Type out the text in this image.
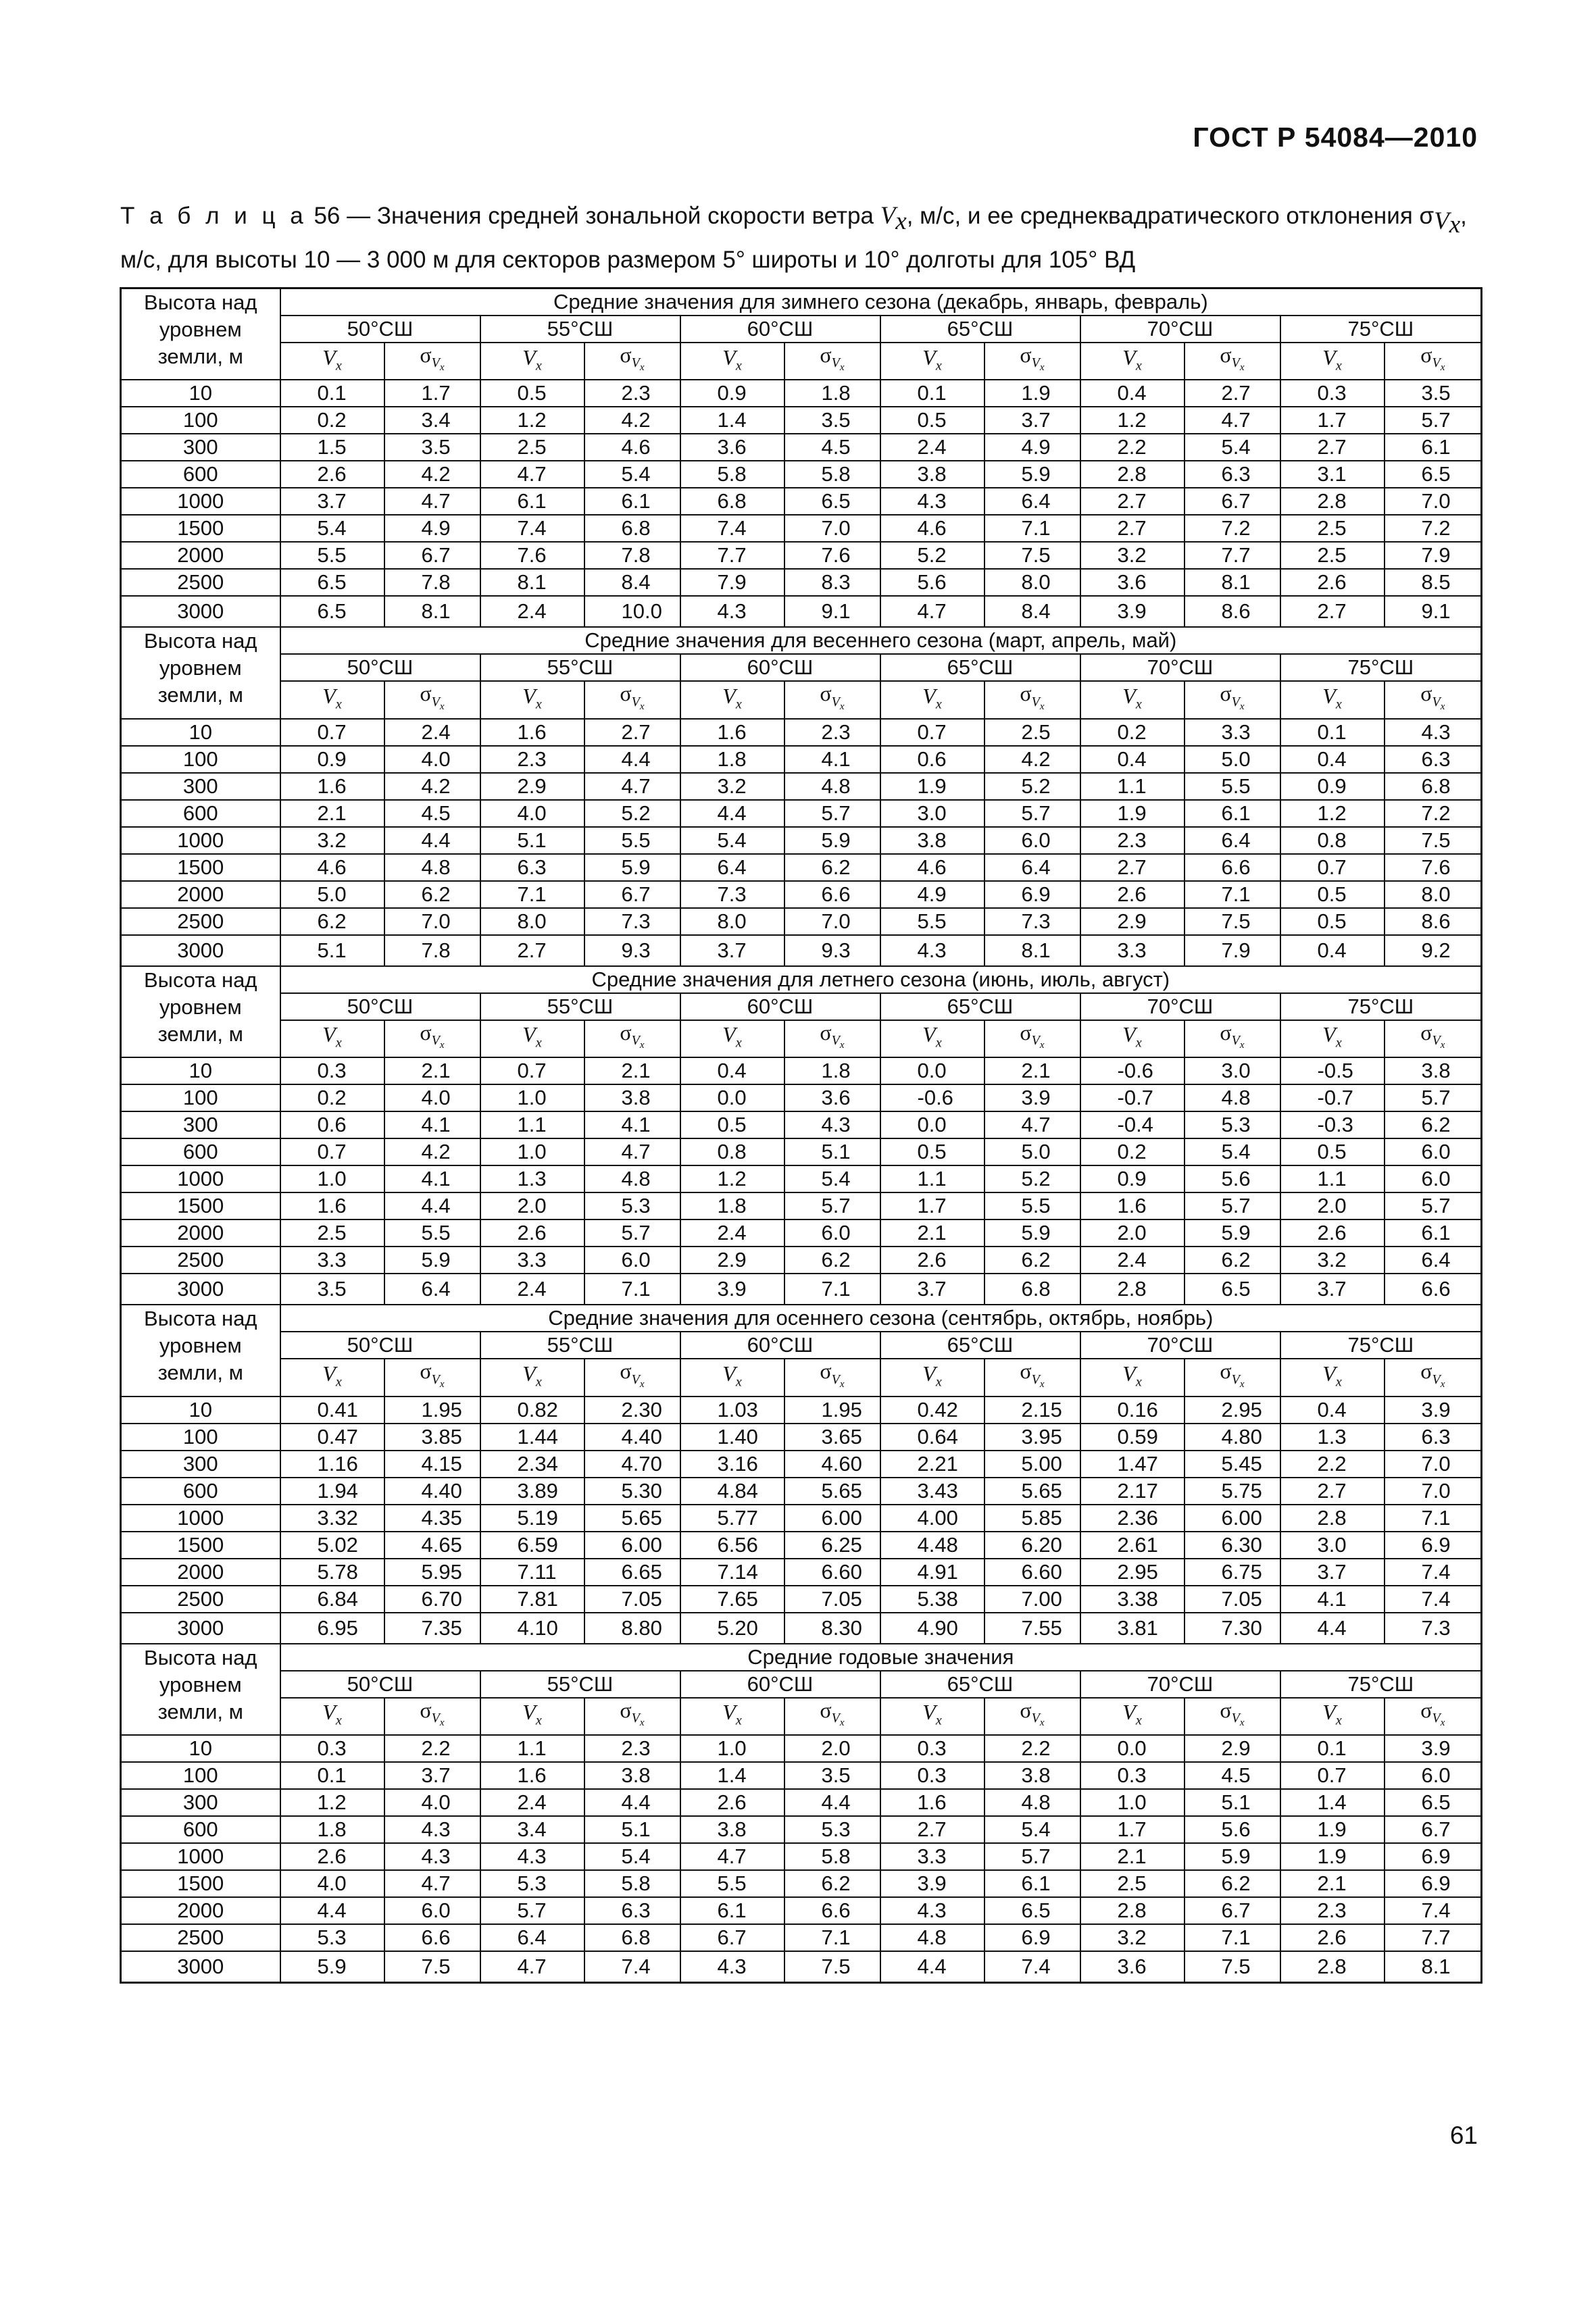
ГОСТ Р 54084—2010
Т а б л и ц а 56 — Значения средней зональной скорости ветра $V_x$, м/с, и ее среднеквадратического отклонения $\sigma_{V_x}$,
м/с, для высоты 10 — 3 000 м для секторов размером 5° широты и 10° долготы для 105° ВД
Высота над уровнем земли, м	Средние значения для зимнего сезона (декабрь, январь, февраль)											
	50°СШ		55°СШ		60°СШ		65°СШ		70°СШ		75°СШ	
	$V_x$	$\sigma_{V_x}$	$V_x$	$\sigma_{V_x}$	$V_x$	$\sigma_{V_x}$	$V_x$	$\sigma_{V_x}$	$V_x$	$\sigma_{V_x}$	$V_x$	$\sigma_{V_x}$
10	0.1	1.7	0.5	2.3	0.9	1.8	0.1	1.9	0.4	2.7	0.3	3.5
100	0.2	3.4	1.2	4.2	1.4	3.5	0.5	3.7	1.2	4.7	1.7	5.7
300	1.5	3.5	2.5	4.6	3.6	4.5	2.4	4.9	2.2	5.4	2.7	6.1
600	2.6	4.2	4.7	5.4	5.8	5.8	3.8	5.9	2.8	6.3	3.1	6.5
1000	3.7	4.7	6.1	6.1	6.8	6.5	4.3	6.4	2.7	6.7	2.8	7.0
1500	5.4	4.9	7.4	6.8	7.4	7.0	4.6	7.1	2.7	7.2	2.5	7.2
2000	5.5	6.7	7.6	7.8	7.7	7.6	5.2	7.5	3.2	7.7	2.5	7.9
2500	6.5	7.8	8.1	8.4	7.9	8.3	5.6	8.0	3.6	8.1	2.6	8.5
3000	6.5	8.1	2.4	10.0	4.3	9.1	4.7	8.4	3.9	8.6	2.7	9.1
Высота над уровнем земли, м	Средние значения для весеннего сезона (март, апрель, май)											
	50°СШ		55°СШ		60°СШ		65°СШ		70°СШ		75°СШ	
	$V_x$	$\sigma_{V_x}$	$V_x$	$\sigma_{V_x}$	$V_x$	$\sigma_{V_x}$	$V_x$	$\sigma_{V_x}$	$V_x$	$\sigma_{V_x}$	$V_x$	$\sigma_{V_x}$
10	0.7	2.4	1.6	2.7	1.6	2.3	0.7	2.5	0.2	3.3	0.1	4.3
100	0.9	4.0	2.3	4.4	1.8	4.1	0.6	4.2	0.4	5.0	0.4	6.3
300	1.6	4.2	2.9	4.7	3.2	4.8	1.9	5.2	1.1	5.5	0.9	6.8
600	2.1	4.5	4.0	5.2	4.4	5.7	3.0	5.7	1.9	6.1	1.2	7.2
1000	3.2	4.4	5.1	5.5	5.4	5.9	3.8	6.0	2.3	6.4	0.8	7.5
1500	4.6	4.8	6.3	5.9	6.4	6.2	4.6	6.4	2.7	6.6	0.7	7.6
2000	5.0	6.2	7.1	6.7	7.3	6.6	4.9	6.9	2.6	7.1	0.5	8.0
2500	6.2	7.0	8.0	7.3	8.0	7.0	5.5	7.3	2.9	7.5	0.5	8.6
3000	5.1	7.8	2.7	9.3	3.7	9.3	4.3	8.1	3.3	7.9	0.4	9.2
Высота над уровнем земли, м	Средние значения для летнего сезона (июнь, июль, август)											
	50°СШ		55°СШ		60°СШ		65°СШ		70°СШ		75°СШ	
	$V_x$	$\sigma_{V_x}$	$V_x$	$\sigma_{V_x}$	$V_x$	$\sigma_{V_x}$	$V_x$	$\sigma_{V_x}$	$V_x$	$\sigma_{V_x}$	$V_x$	$\sigma_{V_x}$
10	0.3	2.1	0.7	2.1	0.4	1.8	0.0	2.1	-0.6	3.0	-0.5	3.8
100	0.2	4.0	1.0	3.8	0.0	3.6	-0.6	3.9	-0.7	4.8	-0.7	5.7
300	0.6	4.1	1.1	4.1	0.5	4.3	0.0	4.7	-0.4	5.3	-0.3	6.2
600	0.7	4.2	1.0	4.7	0.8	5.1	0.5	5.0	0.2	5.4	0.5	6.0
1000	1.0	4.1	1.3	4.8	1.2	5.4	1.1	5.2	0.9	5.6	1.1	6.0
1500	1.6	4.4	2.0	5.3	1.8	5.7	1.7	5.5	1.6	5.7	2.0	5.7
2000	2.5	5.5	2.6	5.7	2.4	6.0	2.1	5.9	2.0	5.9	2.6	6.1
2500	3.3	5.9	3.3	6.0	2.9	6.2	2.6	6.2	2.4	6.2	3.2	6.4
3000	3.5	6.4	2.4	7.1	3.9	7.1	3.7	6.8	2.8	6.5	3.7	6.6
Высота над уровнем земли, м	Средние значения для осеннего сезона (сентябрь, октябрь, ноябрь)											
	50°СШ		55°СШ		60°СШ		65°СШ		70°СШ		75°СШ	
	$V_x$	$\sigma_{V_x}$	$V_x$	$\sigma_{V_x}$	$V_x$	$\sigma_{V_x}$	$V_x$	$\sigma_{V_x}$	$V_x$	$\sigma_{V_x}$	$V_x$	$\sigma_{V_x}$
10	0.41	1.95	0.82	2.30	1.03	1.95	0.42	2.15	0.16	2.95	0.4	3.9
100	0.47	3.85	1.44	4.40	1.40	3.65	0.64	3.95	0.59	4.80	1.3	6.3
300	1.16	4.15	2.34	4.70	3.16	4.60	2.21	5.00	1.47	5.45	2.2	7.0
600	1.94	4.40	3.89	5.30	4.84	5.65	3.43	5.65	2.17	5.75	2.7	7.0
1000	3.32	4.35	5.19	5.65	5.77	6.00	4.00	5.85	2.36	6.00	2.8	7.1
1500	5.02	4.65	6.59	6.00	6.56	6.25	4.48	6.20	2.61	6.30	3.0	6.9
2000	5.78	5.95	7.11	6.65	7.14	6.60	4.91	6.60	2.95	6.75	3.7	7.4
2500	6.84	6.70	7.81	7.05	7.65	7.05	5.38	7.00	3.38	7.05	4.1	7.4
3000	6.95	7.35	4.10	8.80	5.20	8.30	4.90	7.55	3.81	7.30	4.4	7.3
Высота над уровнем земли, м	Средние годовые значения											
	50°СШ		55°СШ		60°СШ		65°СШ		70°СШ		75°СШ	
	$V_x$	$\sigma_{V_x}$	$V_x$	$\sigma_{V_x}$	$V_x$	$\sigma_{V_x}$	$V_x$	$\sigma_{V_x}$	$V_x$	$\sigma_{V_x}$	$V_x$	$\sigma_{V_x}$
10	0.3	2.2	1.1	2.3	1.0	2.0	0.3	2.2	0.0	2.9	0.1	3.9
100	0.1	3.7	1.6	3.8	1.4	3.5	0.3	3.8	0.3	4.5	0.7	6.0
300	1.2	4.0	2.4	4.4	2.6	4.4	1.6	4.8	1.0	5.1	1.4	6.5
600	1.8	4.3	3.4	5.1	3.8	5.3	2.7	5.4	1.7	5.6	1.9	6.7
1000	2.6	4.3	4.3	5.4	4.7	5.8	3.3	5.7	2.1	5.9	1.9	6.9
1500	4.0	4.7	5.3	5.8	5.5	6.2	3.9	6.1	2.5	6.2	2.1	6.9
2000	4.4	6.0	5.7	6.3	6.1	6.6	4.3	6.5	2.8	6.7	2.3	7.4
2500	5.3	6.6	6.4	6.8	6.7	7.1	4.8	6.9	3.2	7.1	2.6	7.7
3000	5.9	7.5	4.7	7.4	4.3	7.5	4.4	7.4	3.6	7.5	2.8	8.1
61
